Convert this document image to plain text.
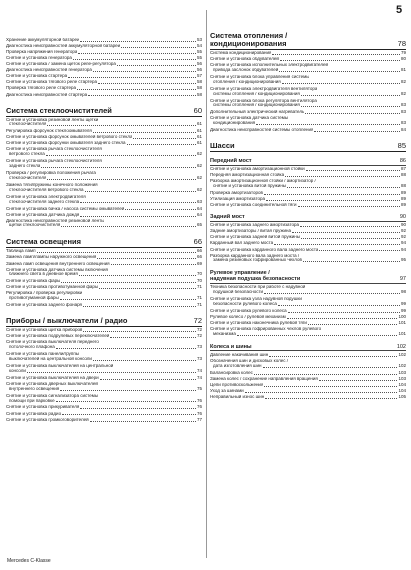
5
Хранение аккумуляторной батареи	53
Диагностика неисправностей аккумуляторной батареи	54
Проверка напряжения генератора	55
Снятие и установка генератора	55
Снятие и установка / замена щеток реле-регулятора	56
Диагностика неисправностей генератора	56
Снятие и установка стартера	57
Снятие и установка тягового реле стартера	58
Проверка тягового реле стартера	58
Диагностика неисправностей стартера	58
Система стеклоочистителей	60
Снятие и установка резиновой ленты щетки
стеклоочистителя	61
Регулировка форсунок стеклоомывателя	61
Снятие и установка форсунок омывателей ветрового стекла	61
Снятие и установка форсунки омывателя заднего стекла	61
Снятие и установка рычага стеклоочистителя
ветрового стекла	62
Снятие и установка рычага стеклоочистителя
заднего стекла	62
Проверка / регулировка положения рычага
стеклоочистителя	62
Замена тяги/пружины конечного положения
стеклоочистителя ветрового стекла	62
Снятие и установка электродвигателя
стеклоочистителя заднего стекла	63
Снятие и установка бачка / насоса системы омывателей	64
Снятие и установка датчика дождя	64
Диагностика неисправностей резиновой ленты
щетки стеклоочистителя	65
Система освещения	66
Таблица ламп	66
Замена ламп/лампы наружного освещения	66
Замена ламп освещения внутреннего освещения	69
Снятие и установка датчика системы включения
ближнего света в дневное время	70
Снятие и установка фары	70
Снятие и установка противотуманной фары	71
Регулировка / проверка регулировки
противотуманной фары	71
Снятие и установка заднего фонаря	71
Приборы / выключатели / радио	72
Снятие и установка щитка приборов	72
Снятие и установка подрулевых переключателей	72
Снятие и установка выключателя переднего
потолочного плафона	73
Снятие и установка панели/группы
выключателей на центральной консоли	73
Снятие и установка выключателей на центральной
консоли	74
Снятие и установка выключателей на двери	74
Снятие и установка дверных выключателей
внутреннего освещения	75
Снятие и установка сигнализатора системы
помощи при парковке	76
Снятие и установка прикуривателя	76
Снятие и установка радио	76
Снятие и установка громкоговорителей	77
Система отопления /
кондиционирования	78
Система кондиционирования	79
Снятие и установка обдувателей	80
Снятие и установка исполнительных электродвигателей
привода заслонок обдувателей	81
Снятие и установка блока управления системы
отопления / кондиционирования	82
Снятие и установка электродвигателя вентилятора
системы отопления / кондиционирования	82
Снятие и установка блока регулятора вентилятора
системы отопления / кондиционирования	83
Дополнительный электрический нагреватель	83
Снятие и установка датчика системы
кондиционирования	83
Диагностика неисправностей системы отопления	84
Шасси	85
Передний мост	86
Снятие и установка амортизационной стойки	87
Передняя амортизационная стойка	88
Разборка амортизационной стойки / амортизатор /
снятие и установка витой пружины	88
Проверка амортизаторов	89
Утилизация амортизатора	89
Снятие и установка соединительной тяги	89
Задний мост	90
Снятие и установка заднего амортизатора	90
Задние амортизаторы / витая пружина	92
Снятие и установка задней витой пружины	92
Карданный вал заднего моста	94
Снятие и установка карданного вала заднего моста	94
Разборка карданного вала заднего моста /
замена резиновых гофрированных чехлов	95
Рулевое управление /
надувная подушка безопасности	97
Техника безопасности при работе с надувной
подушкой безопасности	98
Снятие и установка узла надувной подушки
безопасности рулевого колеса	99
Снятие и установка рулевого колеса	99
Рулевое колесо / рулевой механизм	100
Снятие и установка наконечника рулевой тяги	101
Снятие и установка гофрированных чехлов рулевого
механизма	101
Колеса и шины	102
Давление накачивания шин	102
Обозначения шин и дисковых колес /
дата изготовления шин	102
Балансировка колес	103
Замена колес / сохранение направления вращения	103
Цепи противоскольжения	104
Уход за шинами	104
Неправильный износ шин	105
Mercedes C-Klasse
